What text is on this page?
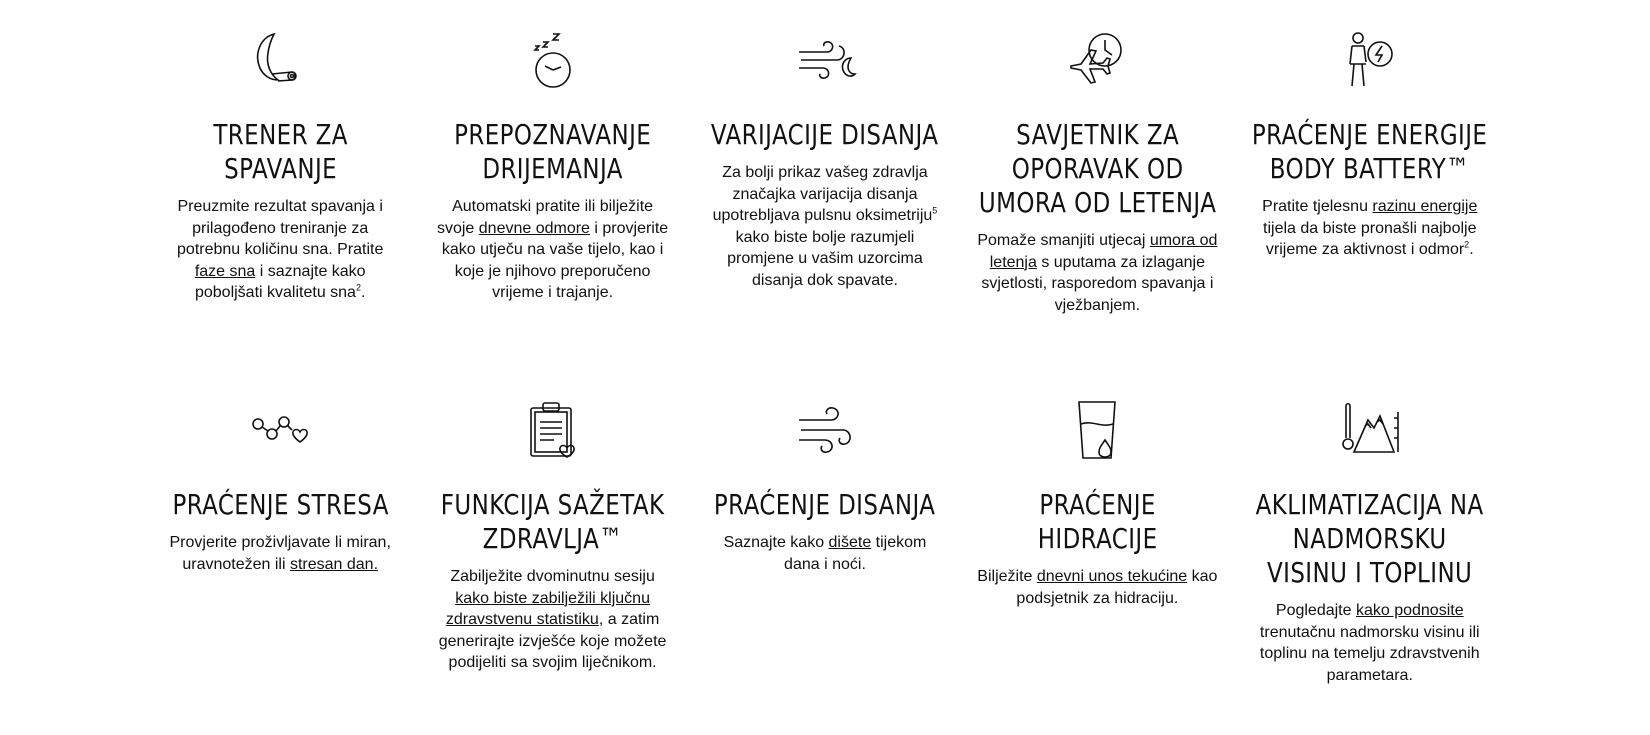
TRENER ZA SPAVANJE

Preuzmite rezultat spavanja i prilagođeno treniranje za potrebnu količinu sna. Pratite faze sna i saznajte kako poboljšati kvalitetu sna$^2$.

PREPOZNAVANJE DRIJEMANJA

Automatski pratite ili bilježite svoje dnevne odmore i provjerite kako utječu na vaše tijelo, kao i koje je njihovo preporučeno vrijeme i trajanje.

VARIJACIJE DISANJA

Za bolji prikaz vašeg zdravlja značajka varijacija disanja upotrebljava pulsnu oksimetriju$^5$ kako biste bolje razumjeli promjene u vašim uzorcima disanja dok spavate.

SAVJETNIK ZA OPORAVAK OD UMORA OD LETENJA

Pomaže smanjiti utjecaj umora od letenja s uputama za izlaganje svjetlosti, rasporedom spavanja i vježbanjem.

PRAĆENJE ENERGIJE BODY BATTERY™

Pratite tjelesnu razinu energije tijela da biste pronašli najbolje vrijeme za aktivnost i odmor$^2$.

PRAĆENJE STRESA

Provjerite proživljavate li miran, uravnotežen ili stresan dan.

FUNKCIJA SAŽETAK ZDRAVLJA™

Zabilježite dvominutnu sesiju kako biste zabilježili ključnu zdravstvenu statistiku, a zatim generirajte izvješće koje možete podijeliti sa svojim liječnikom.

PRAĆENJE DISANJA

Saznajte kako dišete tijekom dana i noći.

PRAĆENJE HIDRACIJE

Bilježite dnevni unos tekućine kao podsjetnik za hidraciju.

AKLIMATIZACIJA NA NADMORSKU VISINU I TOPLINU

Pogledajte kako podnosite trenutačnu nadmorsku visinu ili toplinu na temelju zdravstvenih parametara.
